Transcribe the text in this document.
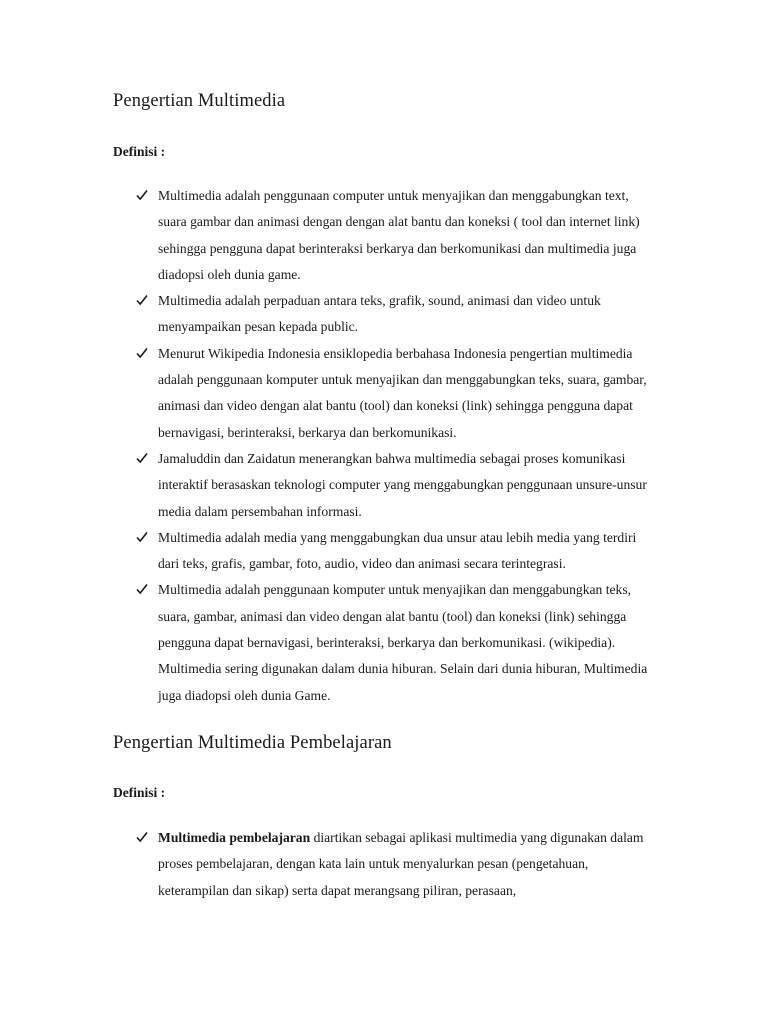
Pengertian Multimedia

Definisi :

Multimedia adalah penggunaan computer untuk menyajikan dan menggabungkan text, suara gambar dan animasi dengan dengan alat bantu dan koneksi ( tool dan internet link) sehingga pengguna dapat berinteraksi berkarya dan berkomunikasi dan multimedia juga diadopsi oleh dunia game.
Multimedia adalah perpaduan antara teks, grafik, sound, animasi dan video untuk menyampaikan pesan kepada public.
Menurut Wikipedia Indonesia ensiklopedia berbahasa Indonesia pengertian multimedia adalah penggunaan komputer untuk menyajikan dan menggabungkan teks, suara, gambar, animasi dan video dengan alat bantu (tool) dan koneksi (link) sehingga pengguna dapat bernavigasi, berinteraksi, berkarya dan berkomunikasi.
Jamaluddin dan Zaidatun menerangkan bahwa multimedia sebagai proses komunikasi interaktif berasaskan teknologi computer yang menggabungkan penggunaan unsure-unsur media dalam persembahan informasi.
Multimedia adalah media yang menggabungkan dua unsur atau lebih media yang terdiri dari teks, grafis, gambar, foto, audio, video dan animasi secara terintegrasi.
Multimedia adalah penggunaan komputer untuk menyajikan dan menggabungkan teks, suara, gambar, animasi dan video dengan alat bantu (tool) dan koneksi (link) sehingga pengguna dapat bernavigasi, berinteraksi, berkarya dan berkomunikasi. (wikipedia). Multimedia sering digunakan dalam dunia hiburan. Selain dari dunia hiburan, Multimedia juga diadopsi oleh dunia Game.
Pengertian Multimedia Pembelajaran

Definisi :

Multimedia pembelajaran diartikan sebagai aplikasi multimedia yang digunakan dalam proses pembelajaran, dengan kata lain untuk menyalurkan pesan (pengetahuan, keterampilan dan sikap) serta dapat merangsang piliran, perasaan,
